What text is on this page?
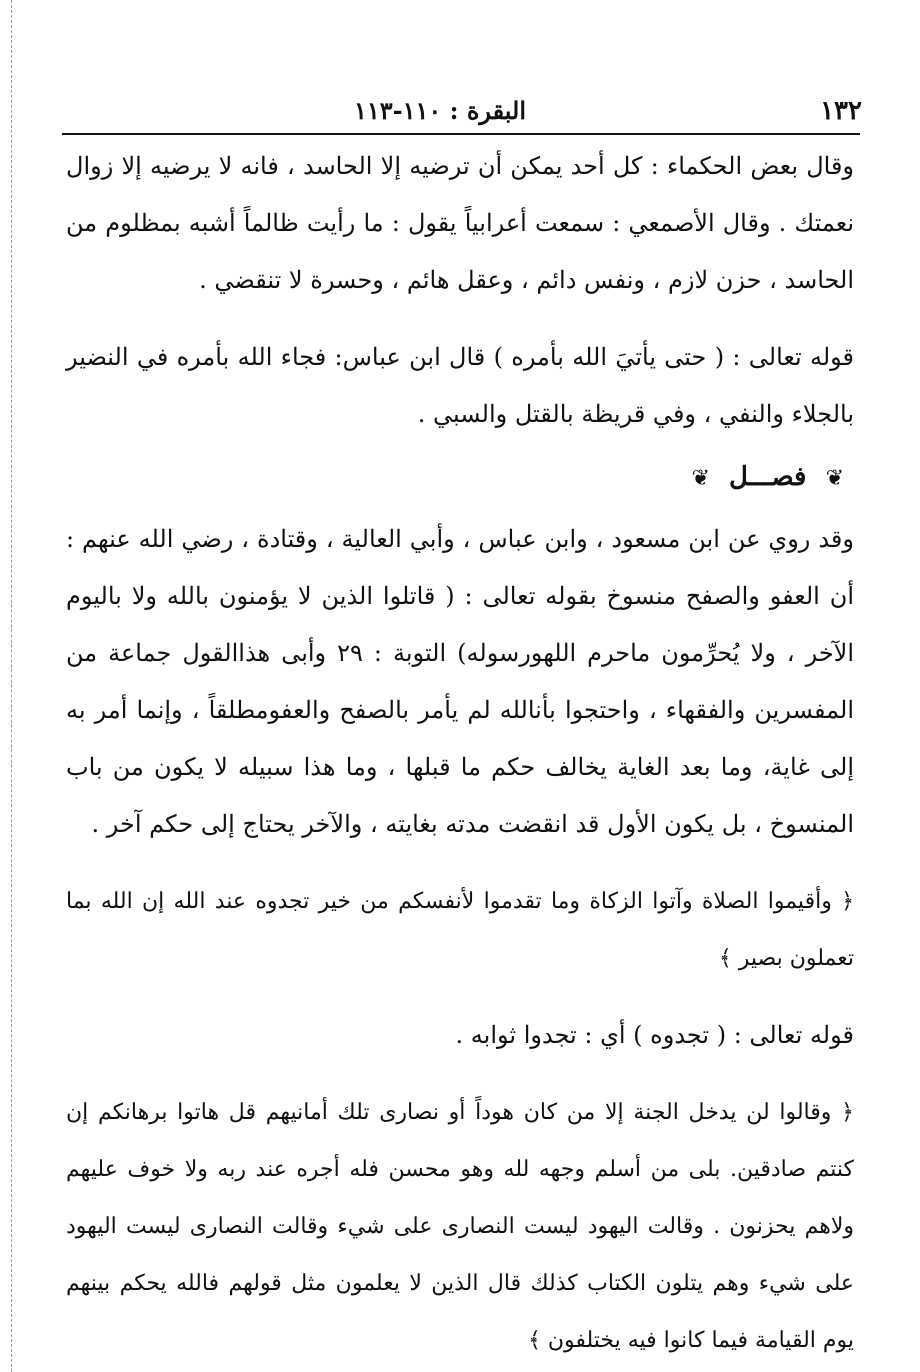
١٣٢
البقرة : ١١٠-١١٣

وقال بعض الحكماء : كل أحد يمكن أن ترضيه إلا الحاسد ، فانه لا يرضيه إلا زوال نعمتك . وقال الأصمعي : سمعت أعرابياً يقول : ما رأيت ظالماً أشبه بمظلوم من الحاسد ، حزن لازم ، ونفس دائم ، وعقل هائم ، وحسرة لا تنقضي .

قوله تعالى : ( حتى يأتيَ الله بأمره ) قال ابن عباس: فجاء الله بأمره في النضير بالجلاء والنفي ، وفي قريظة بالقتل والسبي .

❦ فصـــل ❦

وقد روي عن ابن مسعود ، وابن عباس ، وأبي العالية ، وقتادة ، رضي الله عنهم : أن العفو والصفح منسوخ بقوله تعالى : ( قاتلوا الذين لا يؤمنون بالله ولا باليوم الآخر ، ولا يُحرِّمون ماحرم اللهورسوله) التوبة : ٢٩ وأبى هذاالقول جماعة من المفسرين والفقهاء ، واحتجوا بأنالله لم يأمر بالصفح والعفومطلقاً ، وإنما أمر به إلى غاية، وما بعد الغاية يخالف حكم ما قبلها ، وما هذا سبيله لا يكون من باب المنسوخ ، بل يكون الأول قد انقضت مدته بغايته ، والآخر يحتاج إلى حكم آخر .

﴿ وأقيموا الصلاة وآتوا الزكاة وما تقدموا لأنفسكم من خير تجدوه عند الله إن الله بما تعملون بصير ﴾

قوله تعالى : ( تجدوه ) أي : تجدوا ثوابه .

﴿ وقالوا لن يدخل الجنة إلا من كان هوداً أو نصارى تلك أمانيهم قل هاتوا برهانكم إن كنتم صادقين. بلى من أسلم وجهه لله وهو محسن فله أجره عند ربه ولا خوف عليهم ولاهم يحزنون . وقالت اليهود ليست النصارى على شيء وقالت النصارى ليست اليهود على شيء وهم يتلون الكتاب كذلك قال الذين لا يعلمون مثل قولهم فالله يحكم بينهم يوم القيامة فيما كانوا فيه يختلفون ﴾
